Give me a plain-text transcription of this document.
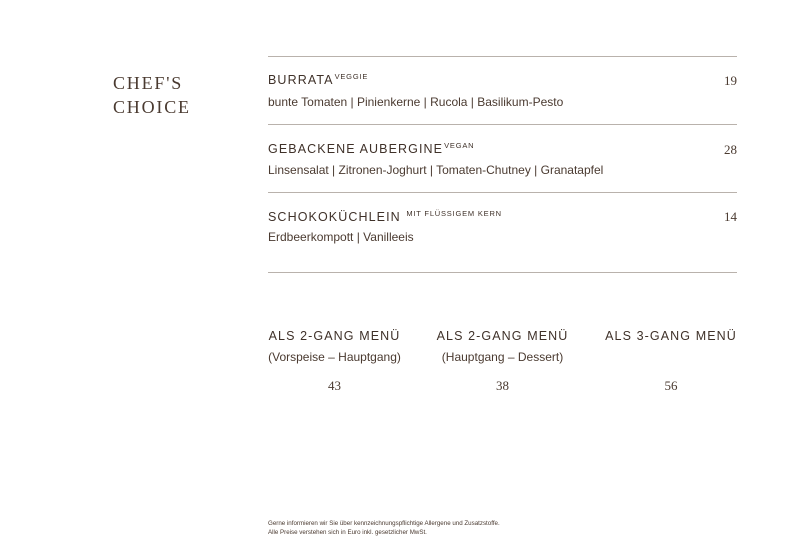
CHEF'S
CHOICE
$BURRATA^{VEGGIE}$	19
bunte Tomaten | Pinienkerne | Rucola | Basilikum-Pesto
GEBACKENE $AUBERGINE^{VEGAN}$	28
Linsensalat | Zitronen-Joghurt | Tomaten-Chutney | Granatapfel
SCHOKOKÜCHLEIN $^{MIT FLÜSSIGEM KERN}$	14
Erdbeerkompott | Vanilleeis
ALS 2-GANG MENÜ
(Vorspeise – Hauptgang)
43
ALS 2-GANG MENÜ
(Hauptgang – Dessert)
38
ALS 3-GANG MENÜ
56
Gerne informieren wir Sie über kennzeichnungspflichtige Allergene und Zusatzstoffe.
Alle Preise verstehen sich in Euro inkl. gesetzlicher MwSt.
